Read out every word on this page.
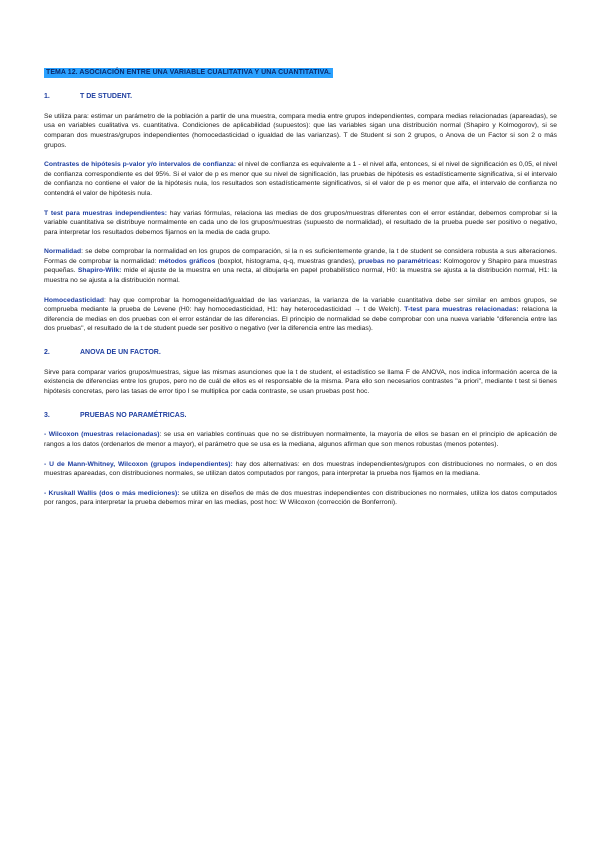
TEMA 12. ASOCIACIÓN ENTRE UNA VARIABLE CUALITATIVA Y UNA CUANTITATIVA.
1.	T DE STUDENT.

Se utiliza para: estimar un parámetro de la población a partir de una muestra, compara media entre grupos independientes, compara medias relacionadas (apareadas), se usa en variables cualitativa vs. cuantitativa. Condiciones de aplicabilidad (supuestos): que las variables sigan una distribución normal (Shapiro y Kolmogorov), si se comparan dos muestras/grupos independientes (homocedasticidad o igualdad de las varianzas). T de Student si son 2 grupos, o Anova de un Factor si son 2 o más grupos.

Contrastes de hipótesis p-valor y/o intervalos de confianza: el nivel de confianza es equivalente a 1 - el nivel alfa, entonces, si el nivel de significación es 0,05, el nivel de confianza correspondiente es del 95%. Si el valor de p es menor que su nivel de significación, las pruebas de hipótesis es estadísticamente significativa, si el intervalo de confianza no contiene el valor de la hipótesis nula, los resultados son estadísticamente significativos, si el valor de p es menor que alfa, el intervalo de confianza no contendrá el valor de hipótesis nula.

T test para muestras independientes: hay varias fórmulas, relaciona las medias de dos grupos/muestras diferentes con el error estándar, debemos comprobar si la variable cuantitativa se distribuye normalmente en cada uno de los grupos/muestras (supuesto de normalidad), el resultado de la prueba puede ser positivo o negativo, para interpretar los resultados debemos fijarnos en la media de cada grupo.

Normalidad: se debe comprobar la normalidad en los grupos de comparación, si la n es suficientemente grande, la t de student se considera robusta a sus alteraciones. Formas de comprobar la normalidad: métodos gráficos (boxplot, histograma, q-q, muestras grandes), pruebas no paramétricas: Kolmogorov y Shapiro para muestras pequeñas. Shapiro-Wilk: mide el ajuste de la muestra en una recta, al dibujarla en papel probabilístico normal, H0: la muestra se ajusta a la distribución normal, H1: la muestra no se ajusta a la distribución normal.

Homocedasticidad: hay que comprobar la homogeneidad/igualdad de las varianzas, la varianza de la variable cuantitativa debe ser similar en ambos grupos, se comprueba mediante la prueba de Levene (H0: hay homocedasticidad, H1: hay heterocedasticidad → t de Welch). T-test para muestras relacionadas: relaciona la diferencia de medias en dos pruebas con el error estándar de las diferencias. El principio de normalidad se debe comprobar con una nueva variable "diferencia entre las dos pruebas", el resultado de la t de student puede ser positivo o negativo (ver la diferencia entre las medias).

2.	ANOVA DE UN FACTOR.

Sirve para comparar varios grupos/muestras, sigue las mismas asunciones que la t de student, el estadístico se llama F de ANOVA, nos indica información acerca de la existencia de diferencias entre los grupos, pero no de cuál de ellos es el responsable de la misma. Para ello son necesarios contrastes "a priori", mediante t test si tienes hipótesis concretas, pero las tasas de error tipo I se multiplica por cada contraste, se usan pruebas post hoc.

3.	PRUEBAS NO PARAMÉTRICAS.

- Wilcoxon (muestras relacionadas): se usa en variables continuas que no se distribuyen normalmente, la mayoría de ellos se basan en el principio de aplicación de rangos a los datos (ordenarlos de menor a mayor), el parámetro que se usa es la mediana, algunos afirman que son menos robustas (menos potentes).

- U de Mann-Whitney, Wilcoxon (grupos independientes): hay dos alternativas: en dos muestras independientes/grupos con distribuciones no normales, o en dos muestras apareadas, con distribuciones normales, se utilizan datos computados por rangos, para interpretar la prueba nos fijamos en la mediana.

- Kruskall Wallis (dos o más mediciones): se utiliza en diseños de más de dos muestras independientes con distribuciones no normales, utiliza los datos computados por rangos, para interpretar la prueba debemos mirar en las medias, post hoc: W Wilcoxon (corrección de Bonferroni).
